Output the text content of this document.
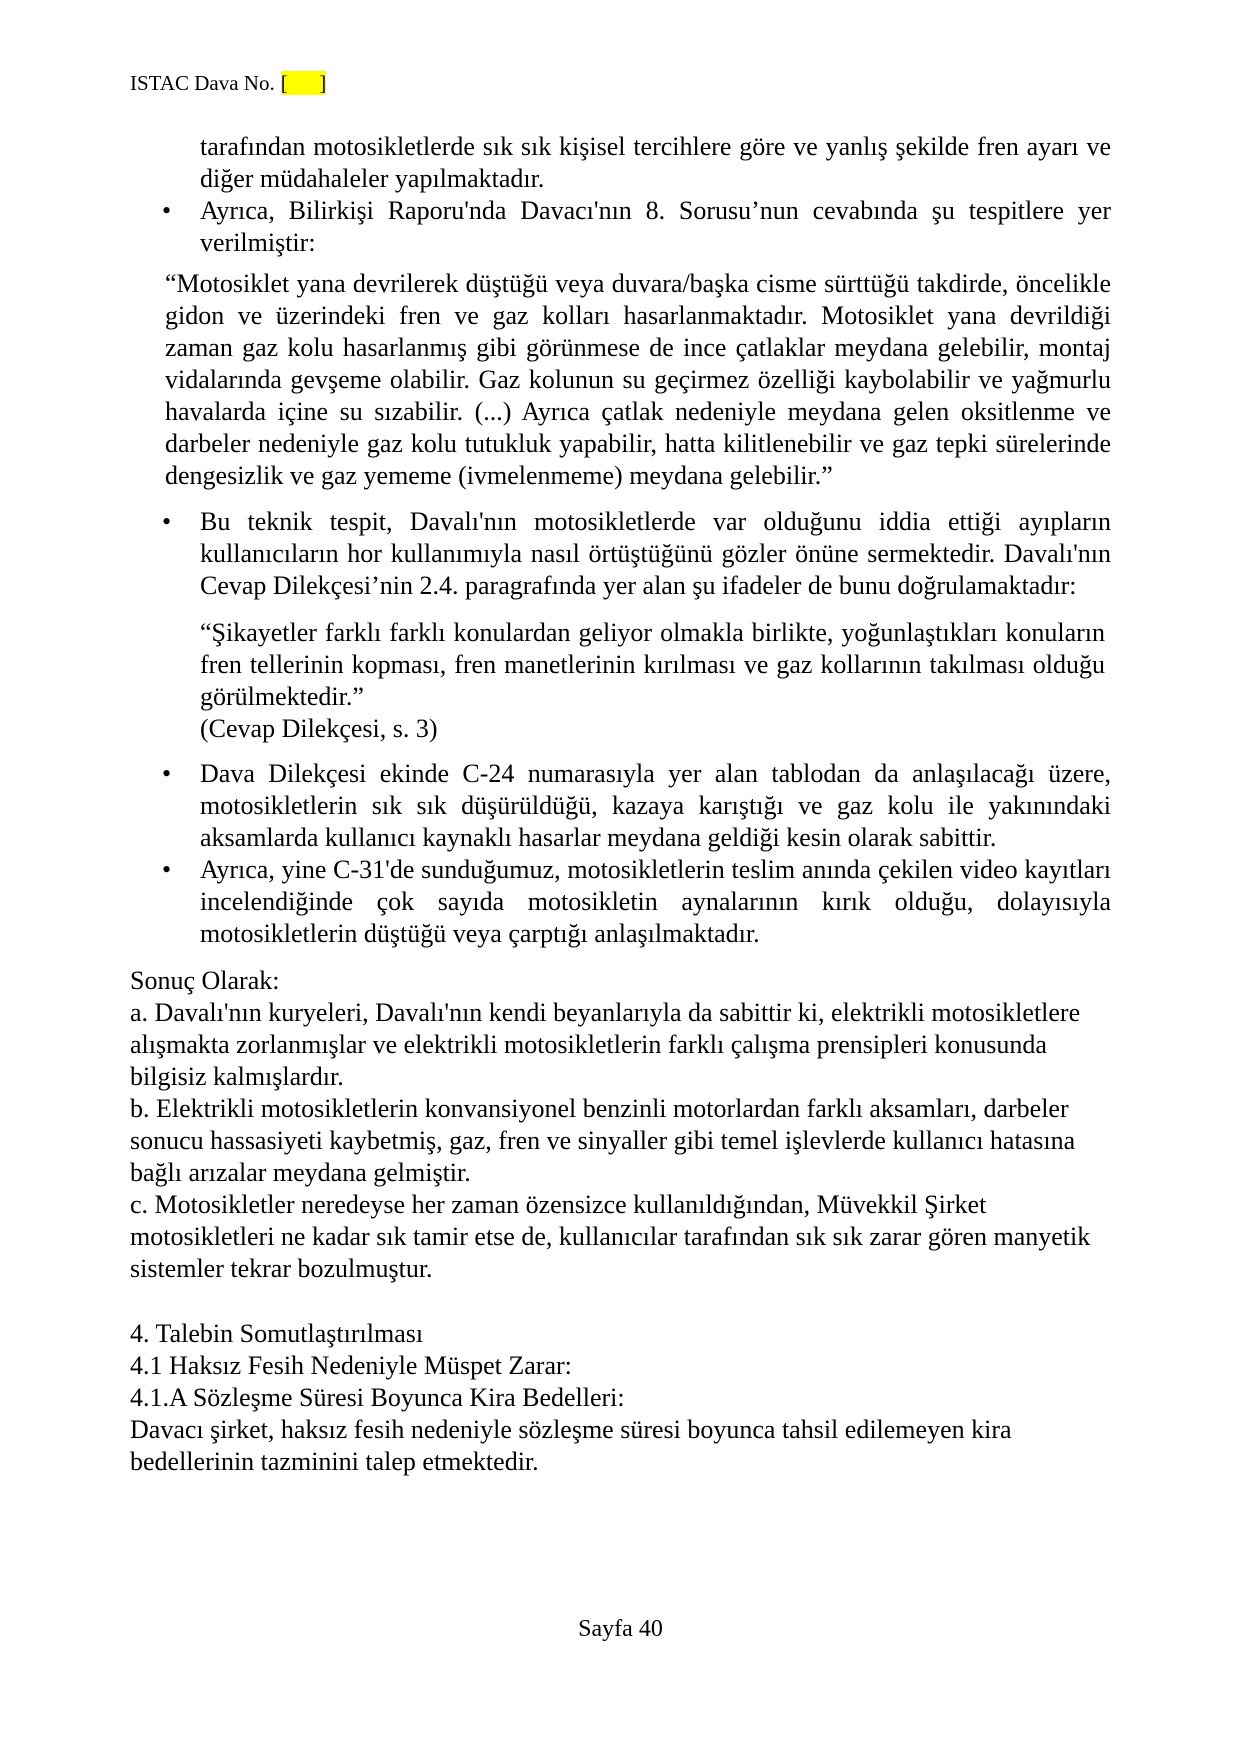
ISTAC Dava No. [      ]

tarafından motosikletlerde sık sık kişisel tercihlere göre ve yanlış şekilde fren ayarı ve diğer müdahaleler yapılmaktadır.

• Ayrıca, Bilirkişi Raporu'nda Davacı'nın 8. Sorusu’nun cevabında şu tespitlere yer verilmiştir:

“Motosiklet yana devrilerek düştüğü veya duvara/başka cisme sürttüğü takdirde, öncelikle gidon ve üzerindeki fren ve gaz kolları hasarlanmaktadır. Motosiklet yana devrildiği zaman gaz kolu hasarlanmış gibi görünmese de ince çatlaklar meydana gelebilir, montaj vidalarında gevşeme olabilir. Gaz kolunun su geçirmez özelliği kaybolabilir ve yağmurlu havalarda içine su sızabilir. (...) Ayrıca çatlak nedeniyle meydana gelen oksitlenme ve darbeler nedeniyle gaz kolu tutukluk yapabilir, hatta kilitlenebilir ve gaz tepki sürelerinde dengesizlik ve gaz yememe (ivmelenmeme) meydana gelebilir.”

• Bu teknik tespit, Davalı'nın motosikletlerde var olduğunu iddia ettiği ayıpların kullanıcıların hor kullanımıyla nasıl örtüştüğünü gözler önüne sermektedir. Davalı'nın Cevap Dilekçesi’nin 2.4. paragrafında yer alan şu ifadeler de bunu doğrulamaktadır:

“Şikayetler farklı farklı konulardan geliyor olmakla birlikte, yoğunlaştıkları konuların fren tellerinin kopması, fren manetlerinin kırılması ve gaz kollarının takılması olduğu görülmektedir.”

(Cevap Dilekçesi, s. 3)

• Dava Dilekçesi ekinde C-24 numarasıyla yer alan tablodan da anlaşılacağı üzere, motosikletlerin sık sık düşürüldüğü, kazaya karıştığı ve gaz kolu ile yakınındaki aksamlarda kullanıcı kaynaklı hasarlar meydana geldiği kesin olarak sabittir.

• Ayrıca, yine C-31'de sunduğumuz, motosikletlerin teslim anında çekilen video kayıtları incelendiğinde çok sayıda motosikletin aynalarının kırık olduğu, dolayısıyla motosikletlerin düştüğü veya çarptığı anlaşılmaktadır.

Sonuç Olarak:

a. Davalı'nın kuryeleri, Davalı'nın kendi beyanlarıyla da sabittir ki, elektrikli motosikletlere alışmakta zorlanmışlar ve elektrikli motosikletlerin farklı çalışma prensipleri konusunda bilgisiz kalmışlardır.

b. Elektrikli motosikletlerin konvansiyonel benzinli motorlardan farklı aksamları, darbeler sonucu hassasiyeti kaybetmiş, gaz, fren ve sinyaller gibi temel işlevlerde kullanıcı hatasına bağlı arızalar meydana gelmiştir.

c. Motosikletler neredeyse her zaman özensizce kullanıldığından, Müvekkil Şirket motosikletleri ne kadar sık tamir etse de, kullanıcılar tarafından sık sık zarar gören manyetik sistemler tekrar bozulmuştur.

4. Talebin Somutlaştırılması

4.1 Haksız Fesih Nedeniyle Müspet Zarar:

4.1.A Sözleşme Süresi Boyunca Kira Bedelleri:

Davacı şirket, haksız fesih nedeniyle sözleşme süresi boyunca tahsil edilemeyen kira bedellerinin tazminini talep etmektedir.

Sayfa 40
